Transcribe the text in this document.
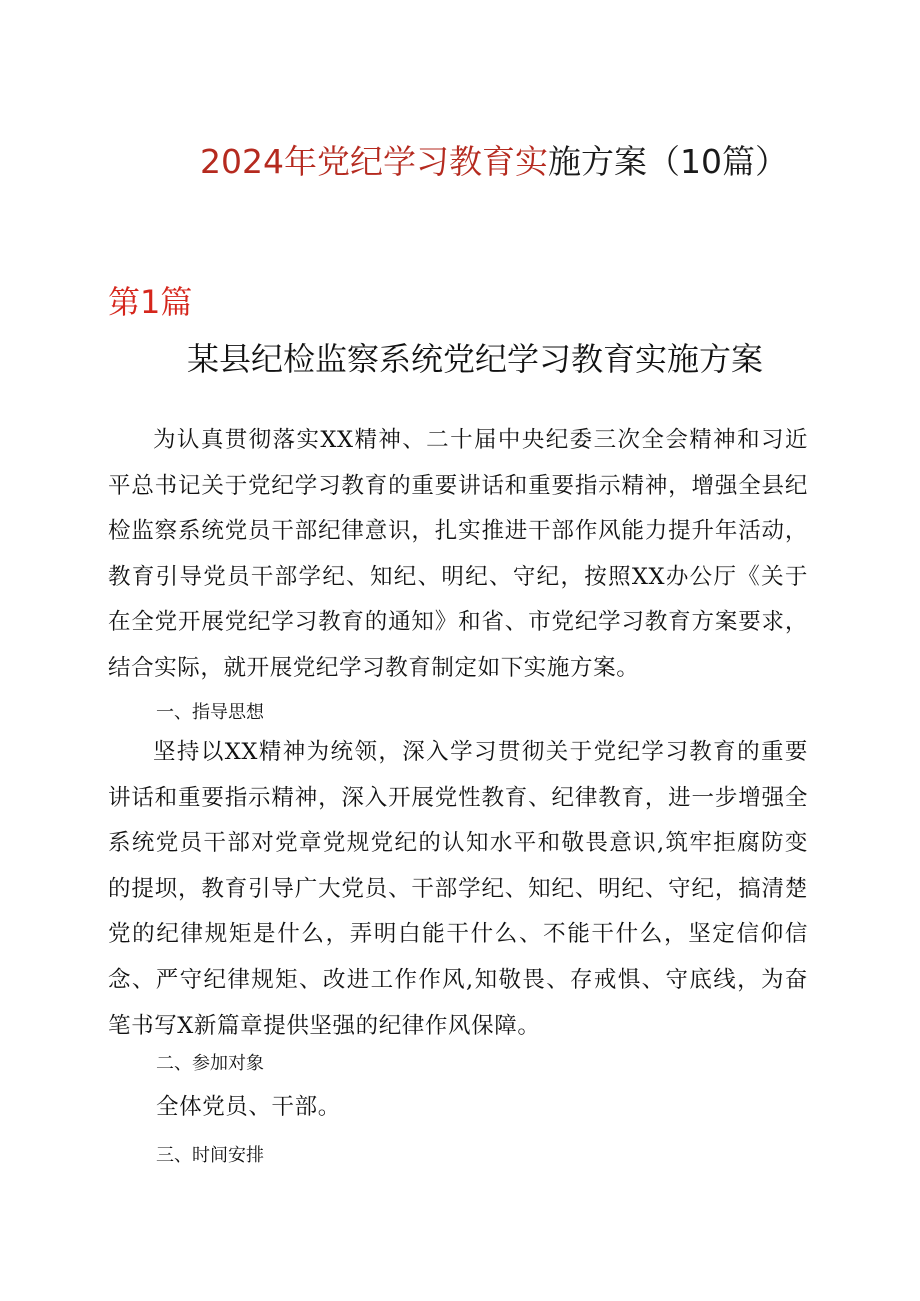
2024年党纪学习教育实施方案（10篇）
第1篇
某县纪检监察系统党纪学习教育实施方案

为认真贯彻落实XX精神、二十届中央纪委三次全会精神和习近平总书记关于党纪学习教育的重要讲话和重要指示精神，增强全县纪检监察系统党员干部纪律意识，扎实推进干部作风能力提升年活动，教育引导党员干部学纪、知纪、明纪、守纪，按照XX办公厅《关于在全党开展党纪学习教育的通知》和省、市党纪学习教育方案要求，结合实际，就开展党纪学习教育制定如下实施方案。

一、指导思想

坚持以XX精神为统领，深入学习贯彻关于党纪学习教育的重要讲话和重要指示精神，深入开展党性教育、纪律教育，进一步增强全系统党员干部对党章党规党纪的认知水平和敬畏意识,筑牢拒腐防变的提坝，教育引导广大党员、干部学纪、知纪、明纪、守纪，搞清楚党的纪律规矩是什么，弄明白能干什么、不能干什么，坚定信仰信念、严守纪律规矩、改进工作作风,知敬畏、存戒惧、守底线，为奋笔书写X新篇章提供坚强的纪律作风保障。

二、参加对象
全体党员、干部。
三、时间安排
